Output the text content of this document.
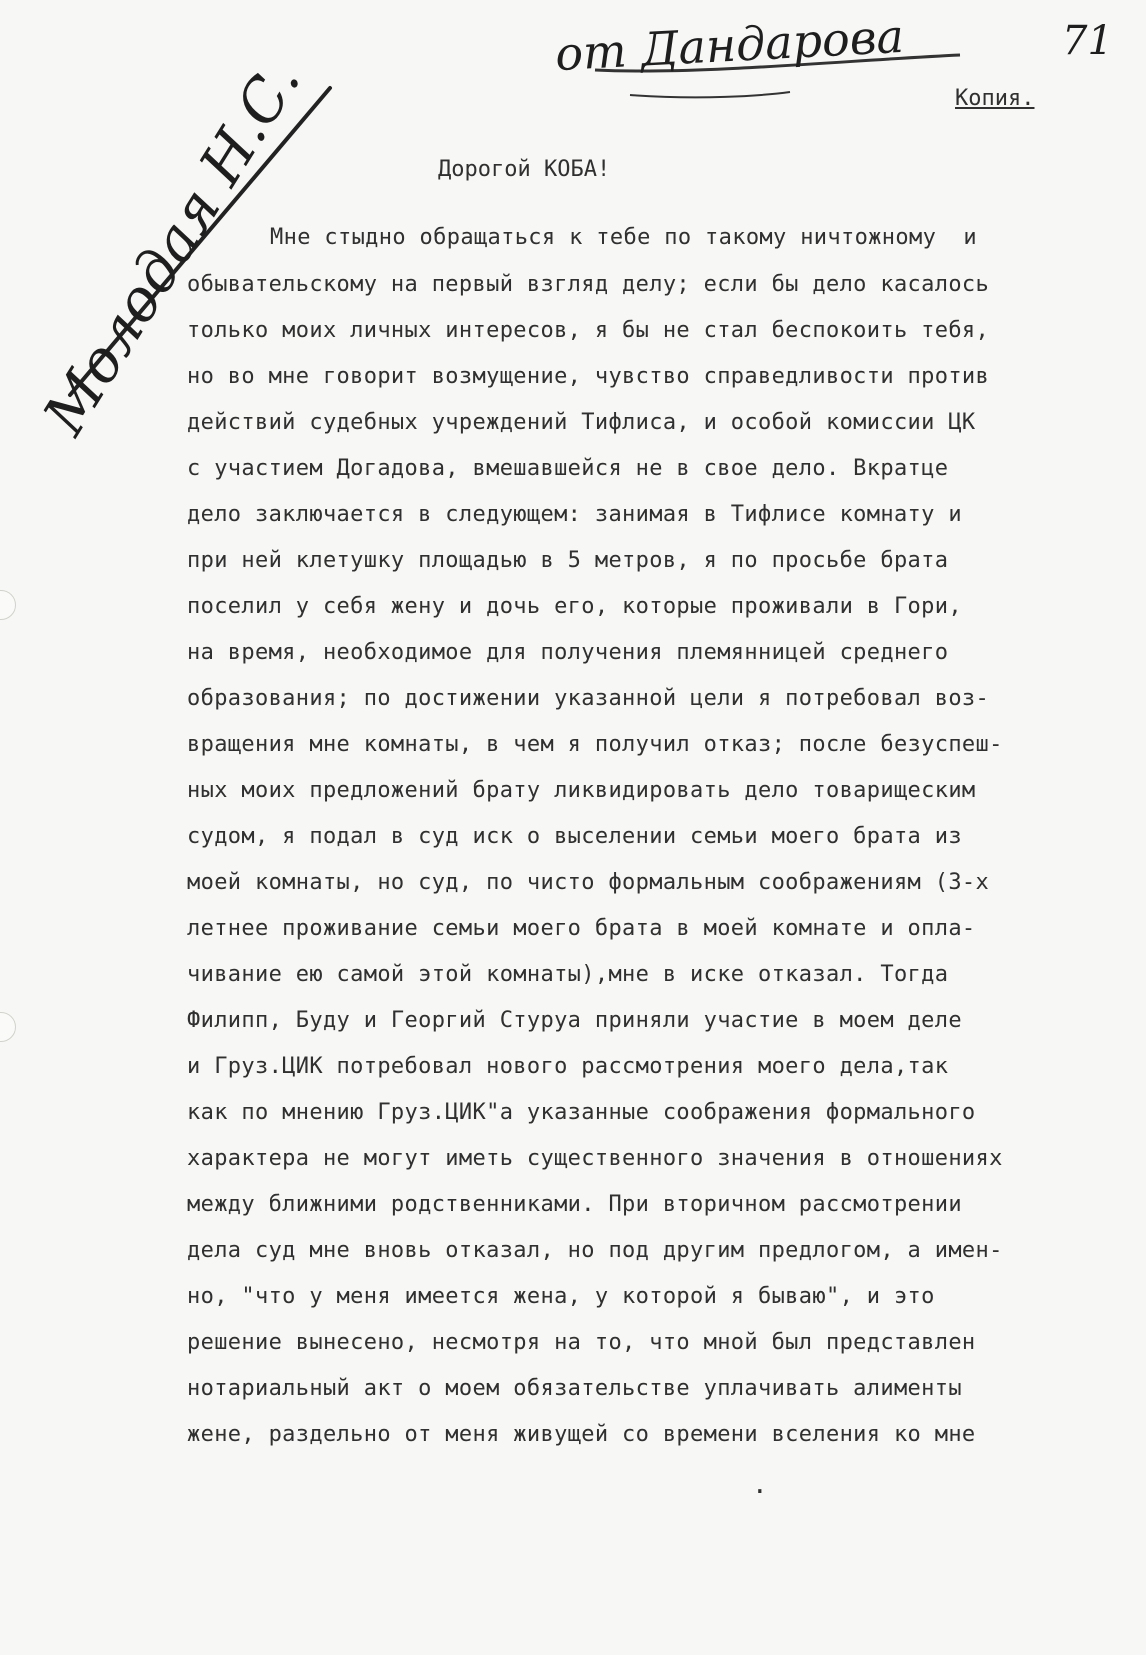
от Дандарова	71
Молодая Н.С.	Копия.
Дорогой КОБА!
Мне стыдно обращаться к тебе по такому ничтожному  и
обывательскому на первый взгляд делу; если бы дело касалось
только моих личных интересов, я бы не стал беспокоить тебя,
но во мне говорит возмущение, чувство справедливости против
действий судебных учреждений Тифлиса, и особой комиссии ЦК
с участием Догадова, вмешавшейся не в свое дело. Вкратце
дело заключается в следующем: занимая в Тифлисе комнату и
при ней клетушку площадью в 5 метров, я по просьбе брата
поселил у себя жену и дочь его, которые проживали в Гори,
на время, необходимое для получения племянницей среднего
образования; по достижении указанной цели я потребовал воз-
вращения мне комнаты, в чем я получил отказ; после безуспеш-
ных моих предложений брату ликвидировать дело товарищеским
судом, я подал в суд иск о выселении семьи моего брата из
моей комнаты, но суд, по чисто формальным соображениям (3-х
летнее проживание семьи моего брата в моей комнате и опла-
чивание ею самой этой комнаты),мне в иске отказал. Тогда
Филипп, Буду и Георгий Стуруа приняли участие в моем деле
и Груз.ЦИК потребовал нового рассмотрения моего дела,так
как по мнению Груз.ЦИК"а указанные соображения формального
характера не могут иметь существенного значения в отношениях
между ближними родственниками. При вторичном рассмотрении
дела суд мне вновь отказал, но под другим предлогом, а имен-
но, "что у меня имеется жена, у которой я бываю", и это
решение вынесено, несмотря на то, что мной был представлен
нотариальный акт о моем обязательстве уплачивать алименты
жене, раздельно от меня живущей со времени вселения ко мне
.
